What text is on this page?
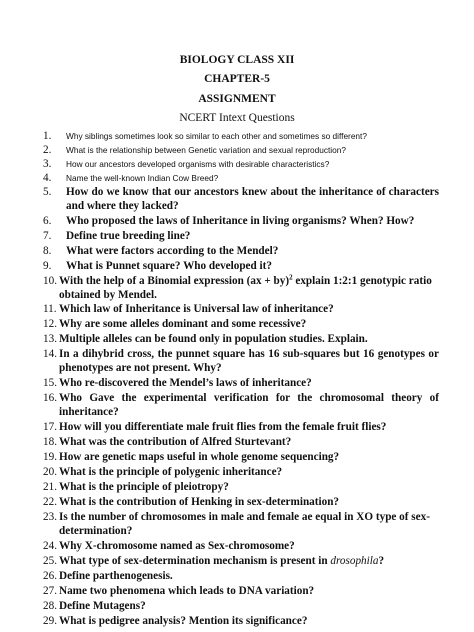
BIOLOGY CLASS XII
CHAPTER-5
ASSIGNMENT
NCERT Intext Questions
1.	Why siblings sometimes look so similar to each other and sometimes so different?
2.	What is the relationship between Genetic variation and sexual reproduction?
3.	How our ancestors developed organisms with desirable characteristics?
4.	Name the well-known Indian Cow Breed?
5.	How do we know that our ancestors knew about the inheritance of characters and where they lacked?
6.	Who proposed the laws of Inheritance in living organisms? When? How?
7.	Define true breeding line?
8.	What were factors according to the Mendel?
9.	What is Punnet square? Who developed it?
10. With the help of a Binomial expression (ax + by)$^2$ explain 1:2:1 genotypic ratio obtained by Mendel.
11. Which law of Inheritance is Universal law of inheritance?
12. Why are some alleles dominant and some recessive?
13. Multiple alleles can be found only in population studies. Explain.
14. In a dihybrid cross, the punnet square has 16 sub-squares but 16 genotypes or phenotypes are not present. Why?
15. Who re-discovered the Mendel’s laws of inheritance?
16. Who Gave the experimental verification for the chromosomal theory of inheritance?
17. How will you differentiate male fruit flies from the female fruit flies?
18. What was the contribution of Alfred Sturtevant?
19. How are genetic maps useful in whole genome sequencing?
20. What is the principle of polygenic inheritance?
21. What is the principle of pleiotropy?
22. What is the contribution of Henking in sex-determination?
23. Is the number of chromosomes in male and female ae equal in XO type of sex-determination?
24. Why X-chromosome named as Sex-chromosome?
25. What type of sex-determination mechanism is present in drosophila?
26. Define parthenogenesis.
27. Name two phenomena which leads to DNA variation?
28. Define Mutagens?
29. What is pedigree analysis? Mention its significance?
